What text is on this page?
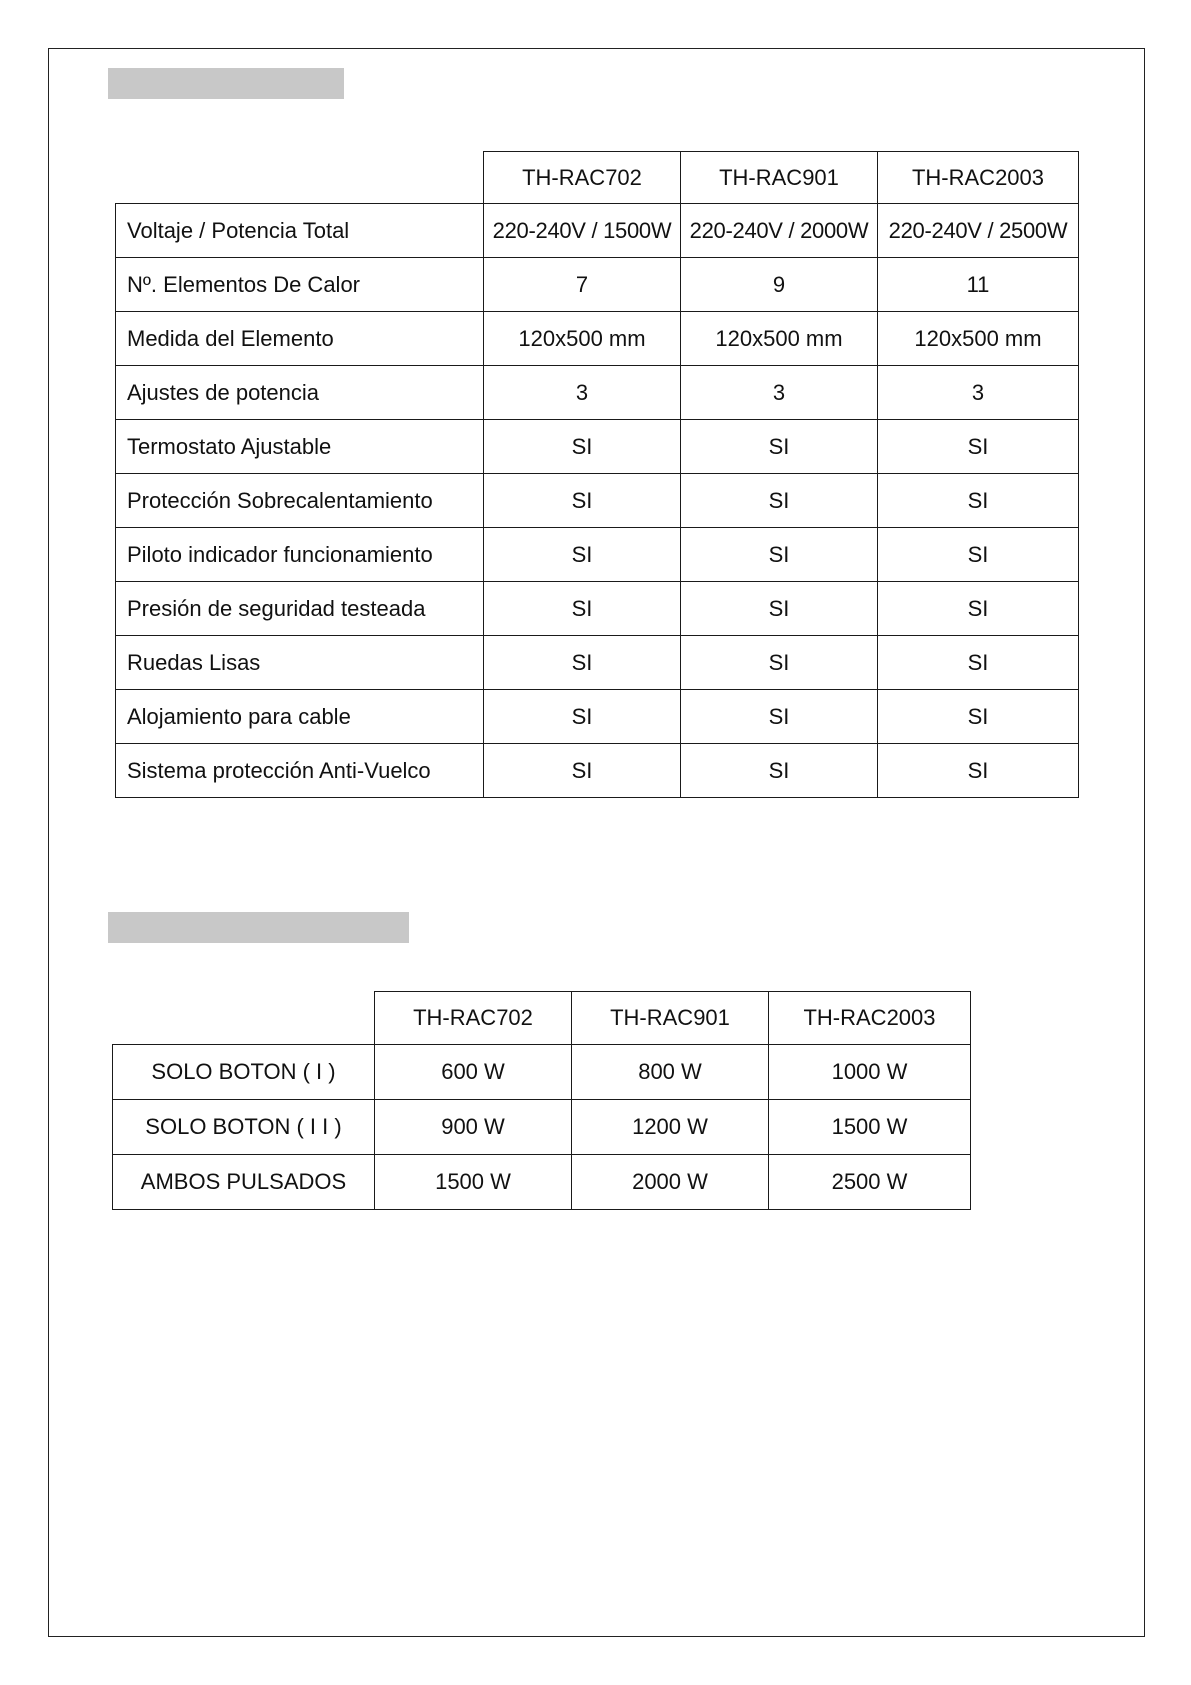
	TH-RAC702	TH-RAC901	TH-RAC2003
Voltaje / Potencia Total	220-240V / 1500W	220-240V / 2000W	220-240V / 2500W
Nº. Elementos De Calor	7	9	11
Medida del Elemento	120x500 mm	120x500 mm	120x500 mm
Ajustes de potencia	3	3	3
Termostato Ajustable	SI	SI	SI
Protección Sobrecalentamiento	SI	SI	SI
Piloto indicador funcionamiento	SI	SI	SI
Presión de seguridad testeada	SI	SI	SI
Ruedas Lisas	SI	SI	SI
Alojamiento para cable	SI	SI	SI
Sistema protección Anti-Vuelco	SI	SI	SI
	TH-RAC702	TH-RAC901	TH-RAC2003
SOLO BOTON ( I )	600 W	800 W	1000 W
SOLO BOTON ( I I )	900 W	1200 W	1500 W
AMBOS PULSADOS	1500 W	2000 W	2500 W
